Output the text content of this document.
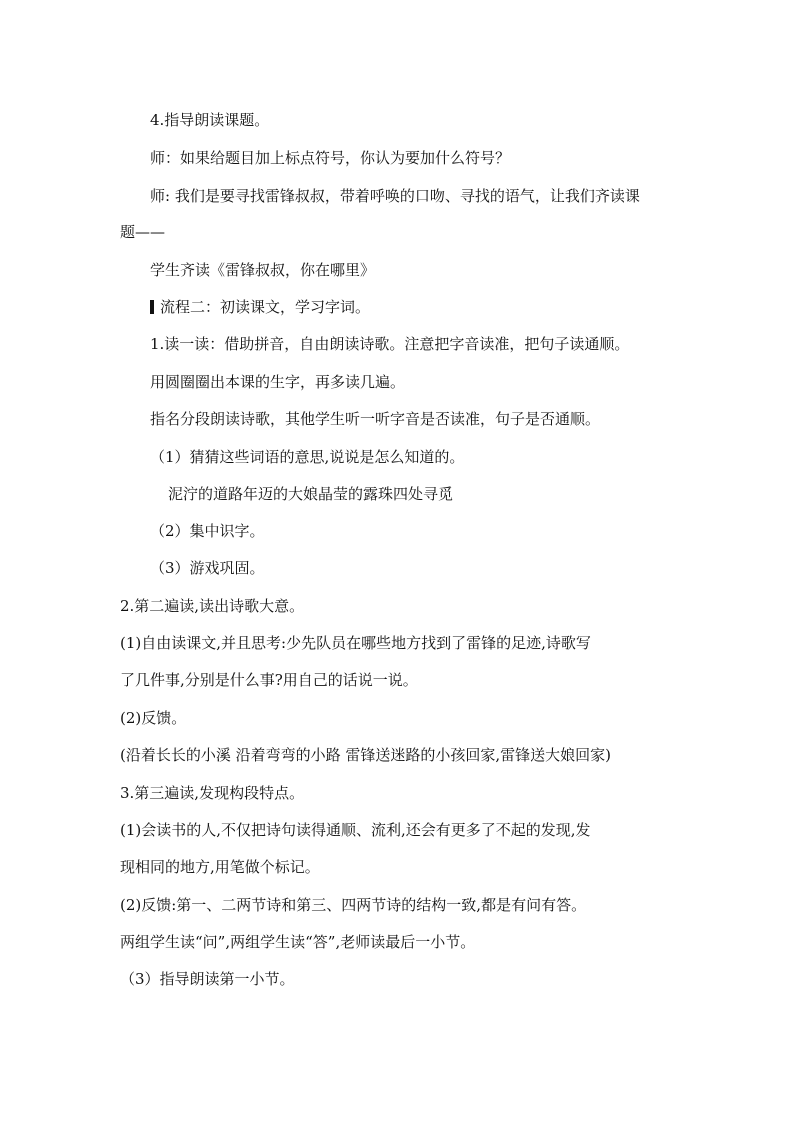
4.指导朗读课题。
师：如果给题目加上标点符号，你认为要加什么符号？
师: 我们是要寻找雷锋叔叔，带着呼唤的口吻、寻找的语气，让我们齐读课
题——
学生齐读《雷锋叔叔，你在哪里》
流程二：初读课文，学习字词。
1.读一读：借助拼音，自由朗读诗歌。注意把字音读准，把句子读通顺。
用圆圈圈出本课的生字，再多读几遍。
指名分段朗读诗歌，其他学生听一听字音是否读准，句子是否通顺。
（1）猜猜这些词语的意思,说说是怎么知道的。
泥泞的道路年迈的大娘晶莹的露珠四处寻觅
（2）集中识字。
（3）游戏巩固。
2.第二遍读,读出诗歌大意。
(1)自由读课文,并且思考:少先队员在哪些地方找到了雷锋的足迹,诗歌写
了几件事,分别是什么事?用自己的话说一说。
(2)反馈。
(沿着长长的小溪 沿着弯弯的小路 雷锋送迷路的小孩回家,雷锋送大娘回家)
3.第三遍读,发现构段特点。
(1)会读书的人,不仅把诗句读得通顺、流利,还会有更多了不起的发现,发
现相同的地方,用笔做个标记。
(2)反馈:第一、二两节诗和第三、四两节诗的结构一致,都是有问有答。
两组学生读“问”,两组学生读“答”,老师读最后一小节。
（3）指导朗读第一小节。
